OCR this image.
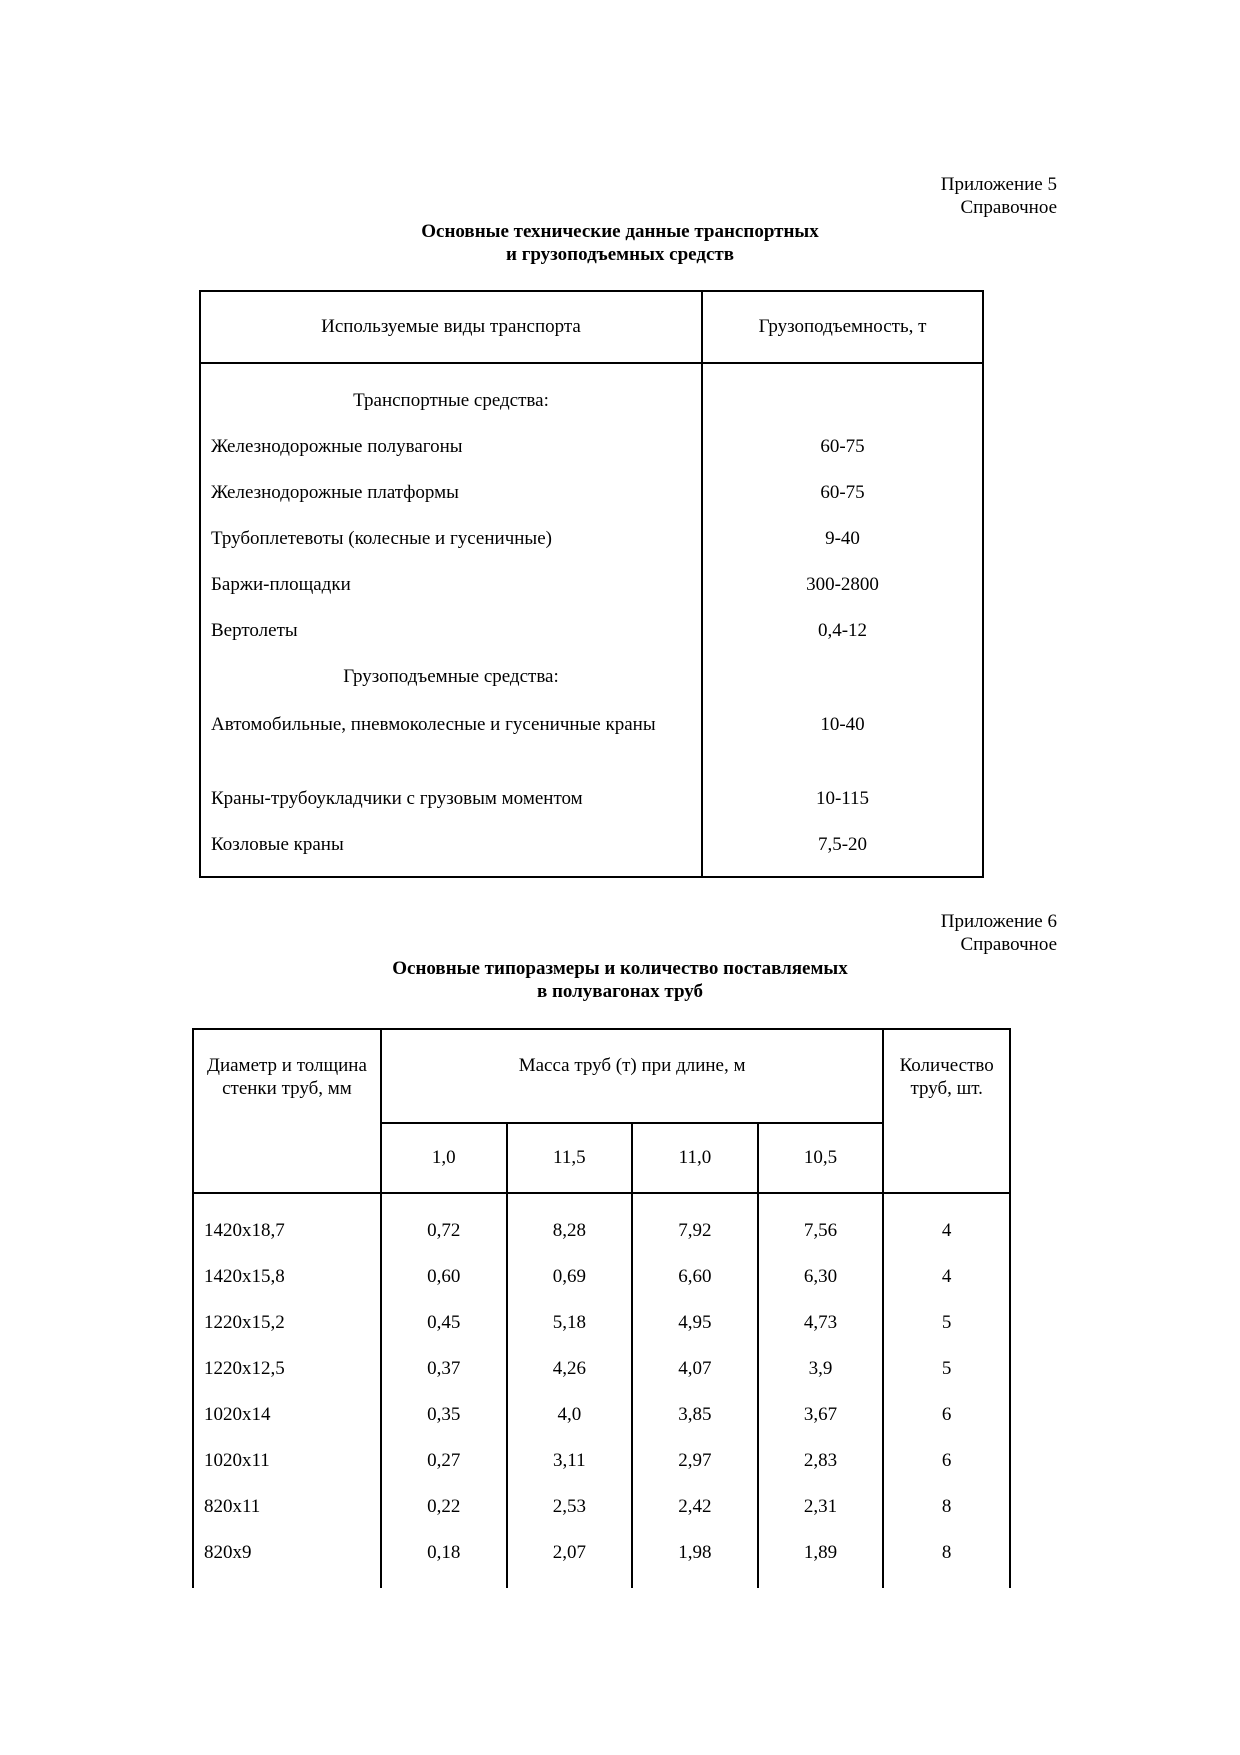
Приложение 5
Справочное
Основные технические данные транспортных
и грузоподъемных средств
Используемые виды транспорта	Грузоподъемность, т
Транспортные средства:	
Железнодорожные полувагоны	60-75
Железнодорожные платформы	60-75
Трубоплетевоты (колесные и гусеничные)	9-40
Баржи-площадки	300-2800
Вертолеты	0,4-12
Грузоподъемные средства:	
Автомобильные, пневмоколесные и гусеничные краны	10-40
Краны-трубоукладчики с грузовым моментом	10-115
Козловые краны	7,5-20
Приложение 6
Справочное
Основные типоразмеры и количество поставляемых
в полувагонах труб
Диаметр и толщина стенки труб, мм	Масса труб (т) при длине, м				Количество труб, шт.
	1,0	11,5	11,0	10,5	
1420x18,7	0,72	8,28	7,92	7,56	4
1420x15,8	0,60	0,69	6,60	6,30	4
1220x15,2	0,45	5,18	4,95	4,73	5
1220x12,5	0,37	4,26	4,07	3,9	5
1020x14	0,35	4,0	3,85	3,67	6
1020x11	0,27	3,11	2,97	2,83	6
820x11	0,22	2,53	2,42	2,31	8
820x9	0,18	2,07	1,98	1,89	8
